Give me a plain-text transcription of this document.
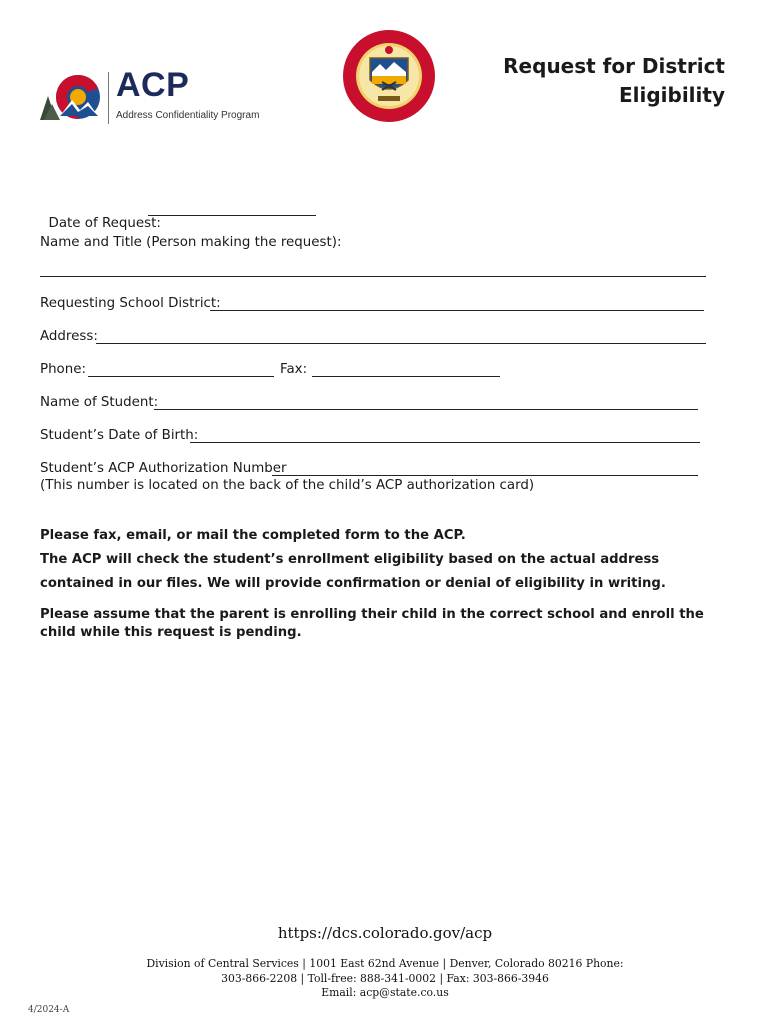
ACP
Address Confidentiality Program
Request for District
Eligibility

Date of Request:

Name and Title (Person making the request):
Requesting School District:
Address:
Phone:	Fax:
Name of Student:
Student’s Date of Birth:
Student’s ACP Authorization Number
(This number is located on the back of the child’s ACP authorization card)
Please fax, email, or mail the completed form to the ACP.
The ACP will check the student’s enrollment eligibility based on the actual address contained in our files. We will provide confirmation or denial of eligibility in writing.
Please assume that the parent is enrolling their child in the correct school and enroll the child while this request is pending.
https://dcs.colorado.gov/acp
Division of Central Services | 1001 East 62nd Avenue | Denver, Colorado 80216 Phone:
303-866-2208 | Toll-free: 888-341-0002 | Fax: 303-866-3946
Email: acp@state.co.us
4/2024-A
